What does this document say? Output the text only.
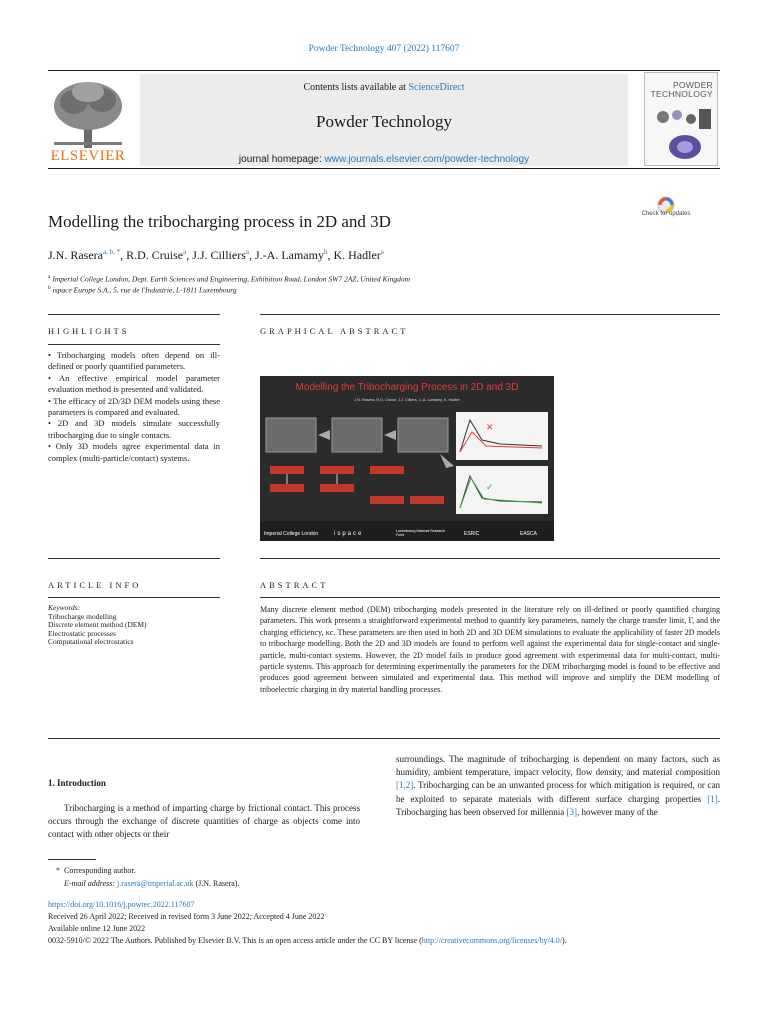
Powder Technology 407 (2022) 117607
ELSEVIER
Contents lists available at ScienceDirect
Powder Technology
journal homepage: www.journals.elsevier.com/powder-technology
POWDER
TECHNOLOGY
Modelling the tribocharging process in 2D and 3D	Check for updates
J.N. Rasera$^{a, b, *}$, R.D. Cruise$^a$, J.J. Cilliers$^a$, J.-A. Lamamy$^b$, K. Hadler$^a$
$^a$ Imperial College London, Dept. Earth Sciences and Engineering, Exhibition Road, London SW7 2AZ, United Kingdom
$^b$ ispace Europe S.A., 5, rue de l'Industrie, L-1811 Luxembourg
HIGHLIGHTS
• Tribocharging models often depend on ill-defined or poorly quantified parameters.
• An effective empirical model parameter evaluation method is presented and validated.
• The efficacy of 2D/3D DEM models using these parameters is compared and evaluated.
• 2D and 3D models simulate successfully tribocharging due to single contacts.
• Only 3D models agree experimental data in complex (multi-particle/contact) systems.
GRAPHICAL ABSTRACT
Modelling the Tribocharging Process in 2D and 3D
J.N. Rasera, R.D. Cruise, J.J. Cilliers, J.-A. Lamamy, K. Hadler
✕
✓
Imperial College London	ispace	Luxembourg National Research Fund	ESRIC	EASCA
ARTICLE INFO
Keywords:
Tribocharge modelling
Discrete element method (DEM)
Electrostatic processes
Computational electrostatics
ABSTRACT
Many discrete element method (DEM) tribocharging models presented in the literature rely on ill-defined or poorly quantified charging parameters. This work presents a straightforward experimental method to quantify key parameters, namely the charge transfer limit, Γ, and the charging efficiency, κc. These parameters are then used in both 2D and 3D DEM simulations to evaluate the applicability of faster 2D models to tribocharge modelling. Both the 2D and 3D models are found to perform well against the experimental data for single-contact and single-particle, multi-contact systems. However, the 2D model fails to produce good agreement with experimental data for multi-contact, multi-particle systems. This approach for determining experimentally the parameters for the DEM tribocharging model is found to be effective and produces good agreement between simulated and experimental data. This method will improve and simplify the DEM modelling of triboelectric charging in dry material handling processes.
1. Introduction
Tribocharging is a method of imparting charge by frictional contact. This process occurs through the exchange of discrete quantities of charge as objects come into contact with other objects or their
surroundings. The magnitude of tribocharging is dependent on many factors, such as humidity, ambient temperature, impact velocity, flow density, and material composition [1,2]. Tribocharging can be an unwanted process for which mitigation is required, or can be exploited to separate materials with different surface charging properties [1]. Tribocharging has been observed for millennia [3], however many of the
* Corresponding author.
E-mail address: j.rasera@imperial.ac.uk (J.N. Rasera).
https://doi.org/10.1016/j.powtec.2022.117607
Received 26 April 2022; Received in revised form 3 June 2022; Accepted 4 June 2022
Available online 12 June 2022
0032-5910/© 2022 The Authors. Published by Elsevier B.V. This is an open access article under the CC BY license (http://creativecommons.org/licenses/by/4.0/).
